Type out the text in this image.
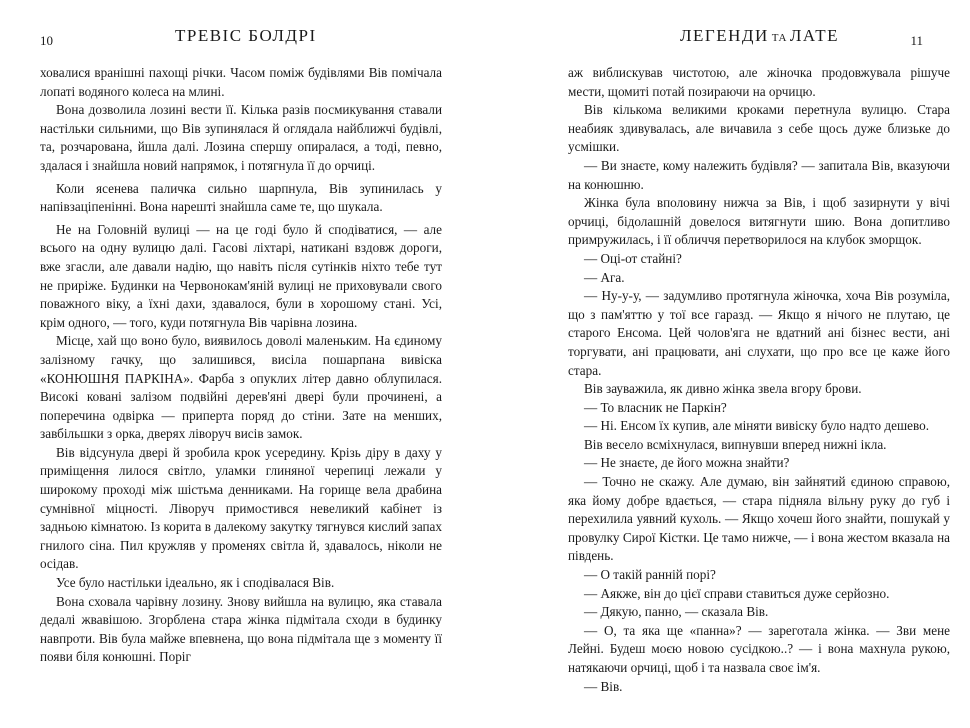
10	ТРЕВІС БОЛДРІ

ховалися вранішні пахощі річки. Часом поміж будівлями Вів помічала лопаті водяного колеса на млині.

Вона дозволила лозині вести її. Кілька разів посмикування ставали настільки сильними, що Вів зупинялася й оглядала найближчі будівлі, та, розчарована, йшла далі. Лозина спершу опиралася, а тоді, певно, здалася і знайшла новий напрямок, і потягнула її до орчиці.

Коли ясенева паличка сильно шарпнула, Вів зупинилась у напівзаціпенінні. Вона нарешті знайшла саме те, що шукала.

Не на Головній вулиці — на це годі було й сподіватися, — але всього на одну вулицю далі. Гасові ліхтарі, натикані вздовж дороги, вже згасли, але давали надію, що навіть після сутінків ніхто тебе тут не приріже. Будинки на Червонокам'яній вулиці не приховували свого поважного віку, а їхні дахи, здавалося, були в хорошому стані. Усі, крім одного, — того, куди потягнула Вів чарівна лозина.

Місце, хай що воно було, виявилось доволі маленьким. На єдиному залізному гачку, що залишився, висіла пошарпана вивіска «КОНЮШНЯ ПАРКІНА». Фарба з опуклих літер давно облупилася. Високі ковані залізом подвійні дерев'яні двері були прочинені, а поперечина одвірка — приперта поряд до стіни. Зате на менших, завбільшки з орка, дверях ліворуч висів замок.

Вів відсунула двері й зробила крок усередину. Крізь діру в даху у приміщення лилося світло, уламки глиняної черепиці лежали у широкому проході між шістьма денниками. На горище вела драбина сумнівної міцності. Ліворуч примостився невеликий кабінет із задньою кімнатою. Із корита в далекому закутку тягнувся кислий запах гнилого сіна. Пил кружляв у променях світла й, здавалось, ніколи не осідав.

Усе було настільки ідеально, як і сподівалася Вів.

Вона сховала чарівну лозину. Знову вийшла на вулицю, яка ставала дедалі жвавішою. Згорблена стара жінка підмітала сходи в будинку навпроти. Вів була майже впевнена, що вона підмітала ще з моменту її появи біля конюшні. Поріг

ЛЕГЕНДИ ТА ЛАТЕ	11

аж виблискував чистотою, але жіночка продовжувала рішуче мести, щомиті потай позираючи на орчицю.

Вів кількома великими кроками перетнула вулицю. Стара неабияк здивувалась, але вичавила з себе щось дуже близьке до усмішки.

— Ви знаєте, кому належить будівля? — запитала Вів, вказуючи на конюшню.

Жінка була вполовину нижча за Вів, і щоб зазирнути у вічі орчиці, бідолашній довелося витягнути шию. Вона допитливо примружилась, і її обличчя перетворилося на клубок зморщок.

— Оці-от стайні?

— Ага.

— Ну-у-у, — задумливо протягнула жіночка, хоча Вів розуміла, що з пам'яттю у тої все гаразд. — Якщо я нічого не плутаю, це старого Енсома. Цей чолов'яга не вдатний ані бізнес вести, ані торгувати, ані працювати, ані слухати, що про все це каже його стара.

Вів зауважила, як дивно жінка звела вгору брови.

— То власник не Паркін?

— Ні. Енсом їх купив, але міняти вивіску було надто дешево.

Вів весело всміхнулася, випнувши вперед нижні ікла.

— Не знаєте, де його можна знайти?

— Точно не скажу. Але думаю, він зайнятий єдиною справою, яка йому добре вдається, — стара підняла вільну руку до губ і перехилила уявний кухоль. — Якщо хочеш його знайти, пошукай у провулку Сирої Кістки. Це тамо нижче, — і вона жестом вказала на південь.

— О такій ранній порі?

— Аякже, він до цієї справи ставиться дуже серйозно.

— Дякую, панно, — сказала Вів.

— О, та яка ще «панна»? — зареготала жінка. — Зви мене Лейні. Будеш моєю новою сусідкою..? — і вона махнула рукою, натякаючи орчиці, щоб і та назвала своє ім'я.

— Вів.
